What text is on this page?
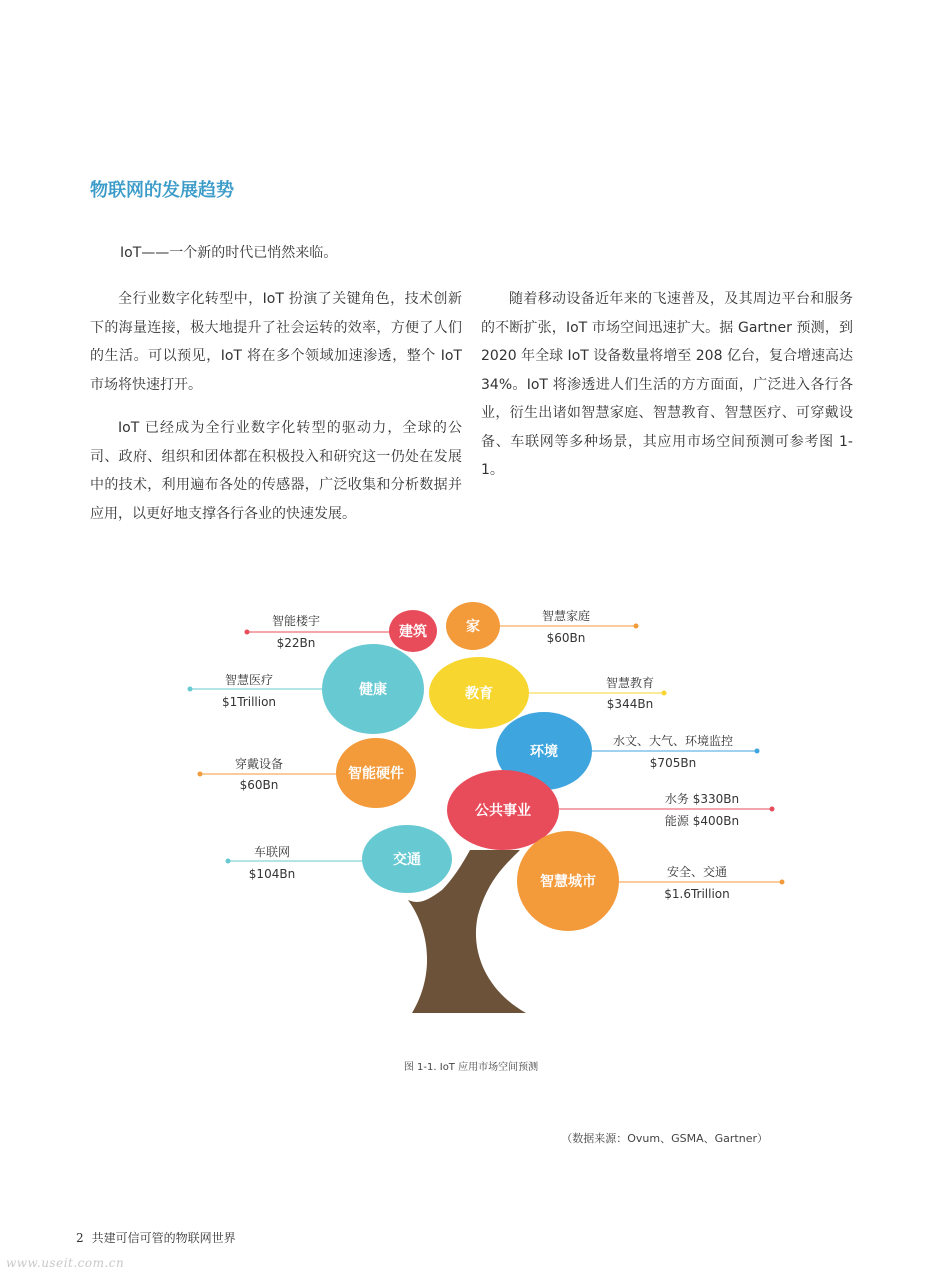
物联网的发展趋势
IoT——一个新的时代已悄然来临。

全行业数字化转型中，IoT 扮演了关键角色，技术创新下的海量连接，极大地提升了社会运转的效率，方便了人们的生活。可以预见，IoT 将在多个领域加速渗透，整个 IoT 市场将快速打开。

IoT 已经成为全行业数字化转型的驱动力，全球的公司、政府、组织和团体都在积极投入和研究这一仍处在发展中的技术，利用遍布各处的传感器，广泛收集和分析数据并应用，以更好地支撑各行各业的快速发展。

随着移动设备近年来的飞速普及，及其周边平台和服务的不断扩张，IoT 市场空间迅速扩大。据 Gartner 预测，到 2020 年全球 IoT 设备数量将增至 208 亿台，复合增速高达 34%。IoT 将渗透进人们生活的方方面面，广泛进入各行各业，衍生出诸如智慧家庭、智慧教育、智慧医疗、可穿戴设备、车联网等多种场景，其应用市场空间预测可参考图 1-1。

建筑	家
健康	教育
环境
智能硬件
公共事业
交通
智慧城市
智能楼宇
$22Bn
智慧家庭
$60Bn
智慧医疗
$1Trillion
智慧教育
$344Bn
水文、大气、环境监控
$705Bn
穿戴设备
$60Bn
水务 $330Bn
能源 $400Bn
车联网
$104Bn	安全、交通
$1.6Trillion
图 1-1. IoT 应用市场空间预测
（数据来源：Ovum、GSMA、Gartner）
2 共建可信可管的物联网世界
www.useit.com.cn
